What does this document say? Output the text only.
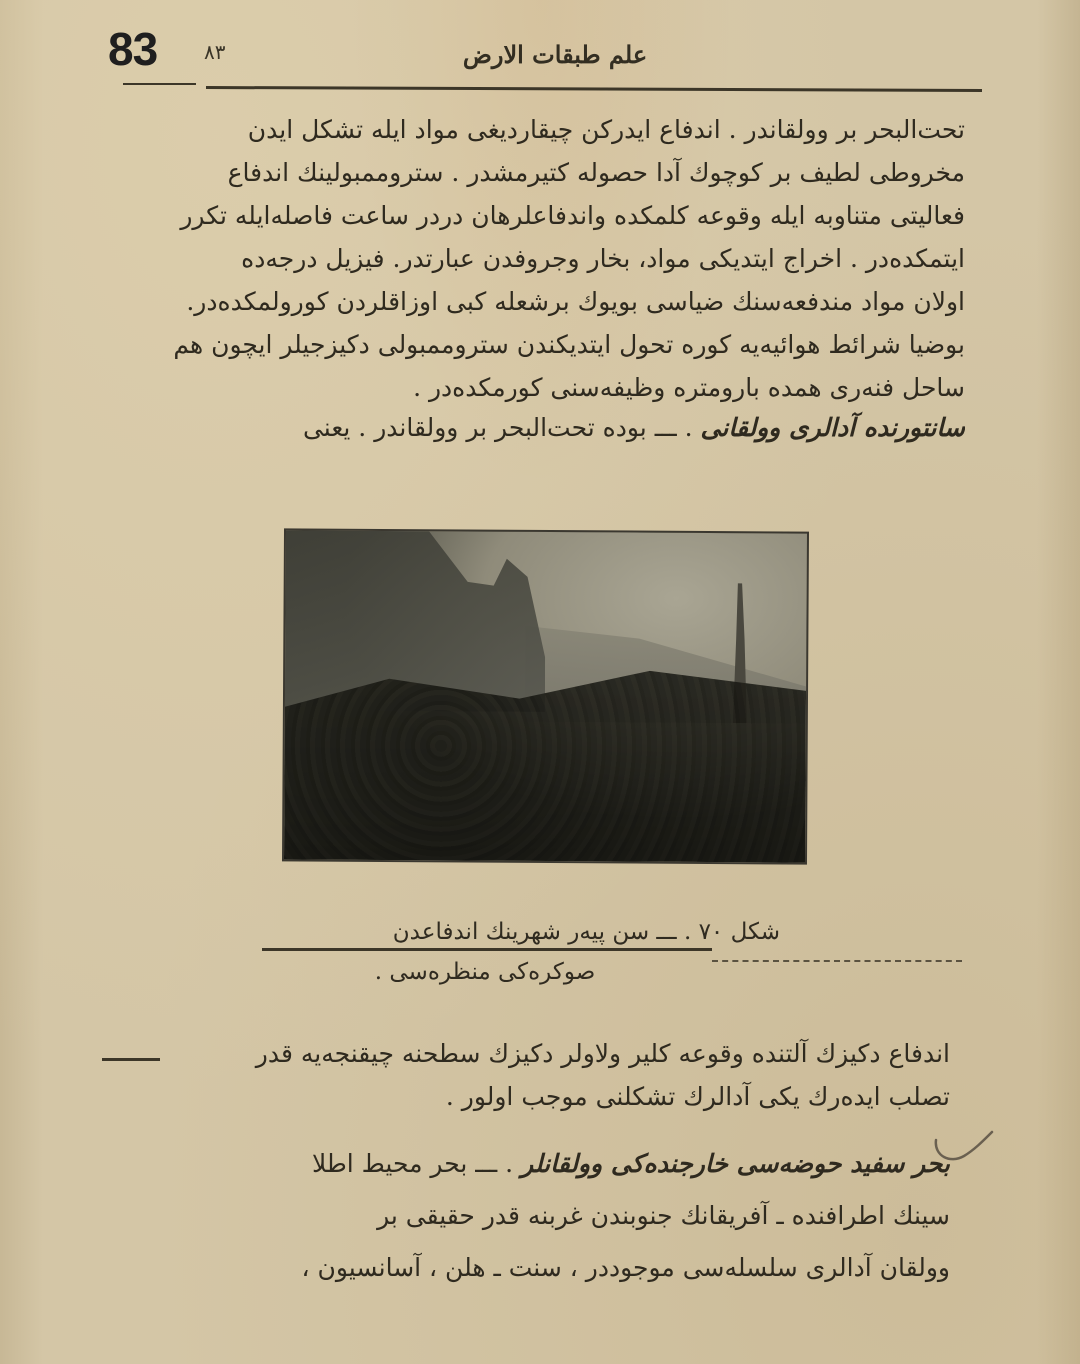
83 ٨٣	علم طبقات الارض
تحت‌البحر بر وولقاندر . اندفاع ایدرکن چیقاردیغی مواد ایله تشکل ایدن
مخروطی لطیف بر کوچوك آدا حصوله کتیرمشدر . ستروممبولینك اندفاع
فعالیتی متناوبه ایله وقوعه کلمکده واندفاعلرهان دردر ساعت فاصله‌ایله تکرر
ایتمکده‌در . اخراج ایتدیکی مواد، بخار وجروفدن عبارتدر. فیزیل درجه‌ده
اولان مواد مندفعه‌سنك ضیاسی بویوك برشعله کبی اوزاقلردن کورولمکده‌در.
بوضیا شرائط هوائیه‌یه کوره تحول ایتدیکندن ستروممبولی دکیزجیلر ایچون هم
ساحل فنه‌ری همده بارومتره وظیفه‌سنی کورمکده‌در .
سانتورنده آدالری وولقانی . ـــ بوده تحت‌البحر بر وولقاندر . یعنی
شکل ۷۰ . ـــ سن پیه‌ر شهرینك اندفاعدن
صوکره‌کی منظره‌سی .
اندفاع دکیزك آلتنده وقوعه کلیر ولاولر دکیزك سطحنه چیقنجه‌یه قدر
تصلب ایده‌رك یکی آدالرك تشکلنی موجب اولور .
بحر سفید حوضه‌سی خارجنده‌کی وولقانلر . ـــ بحر محیط اطلا
سینك اطرافنده ـ آفریقانك جنوبندن غربنه قدر حقیقی بر
وولقان آدالری سلسله‌سی موجوددر ، سنت ـ هلن ، آسانسیون ،
